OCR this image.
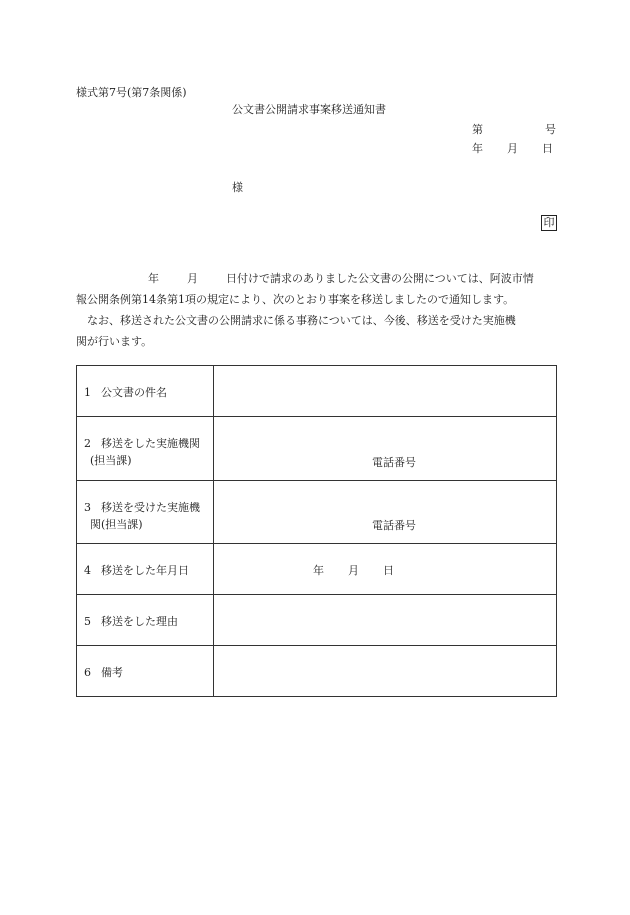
様式第7号(第7条関係)
公文書公開請求事案移送通知書
第	号
年 月 日
様
印

年	月	日付けで請求のありました公文書の公開については、阿波市情

報公開条例第14条第1項の規定により、次のとおり事案を移送しましたので通知します。

なお、移送された公文書の公開請求に係る事務については、今後、移送を受けた実施機

関が行います。

1 公文書の件名	

2 移送をした実施機関
(担当課)	電話番号

3 移送を受けた実施機
関(担当課)	電話番号

4 移送をした年月日	年 月 日

5 移送をした理由	

6 備考	
